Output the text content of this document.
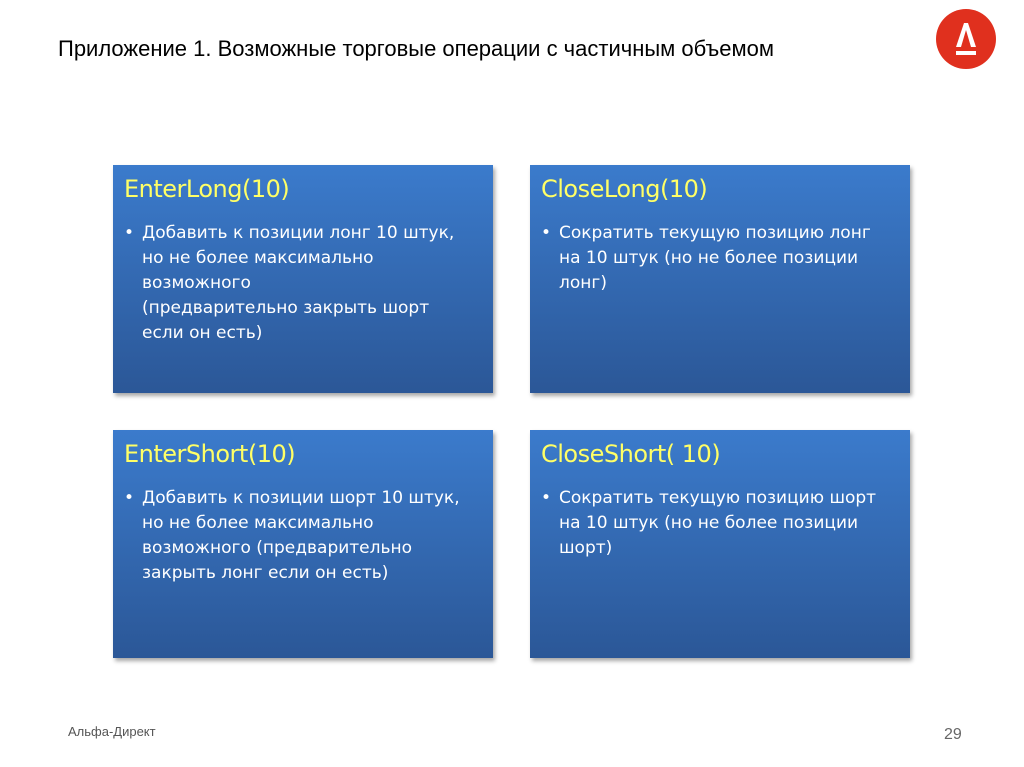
Приложение 1. Возможные торговые операции с частичным объемом
EnterLong(10)
• Добавить к позиции лонг 10 штук,
но не более максимально
возможного
(предварительно закрыть шорт
если он есть)
CloseLong(10)
• Сократить текущую позицию лонг
на 10 штук (но не более позиции
лонг)
EnterShort(10)
• Добавить к позиции шорт 10 штук,
но не более максимально
возможного (предварительно
закрыть лонг если он есть)
CloseShort( 10)
• Сократить текущую позицию шорт
на 10 штук (но не более позиции
шорт)
Альфа-Директ	29
